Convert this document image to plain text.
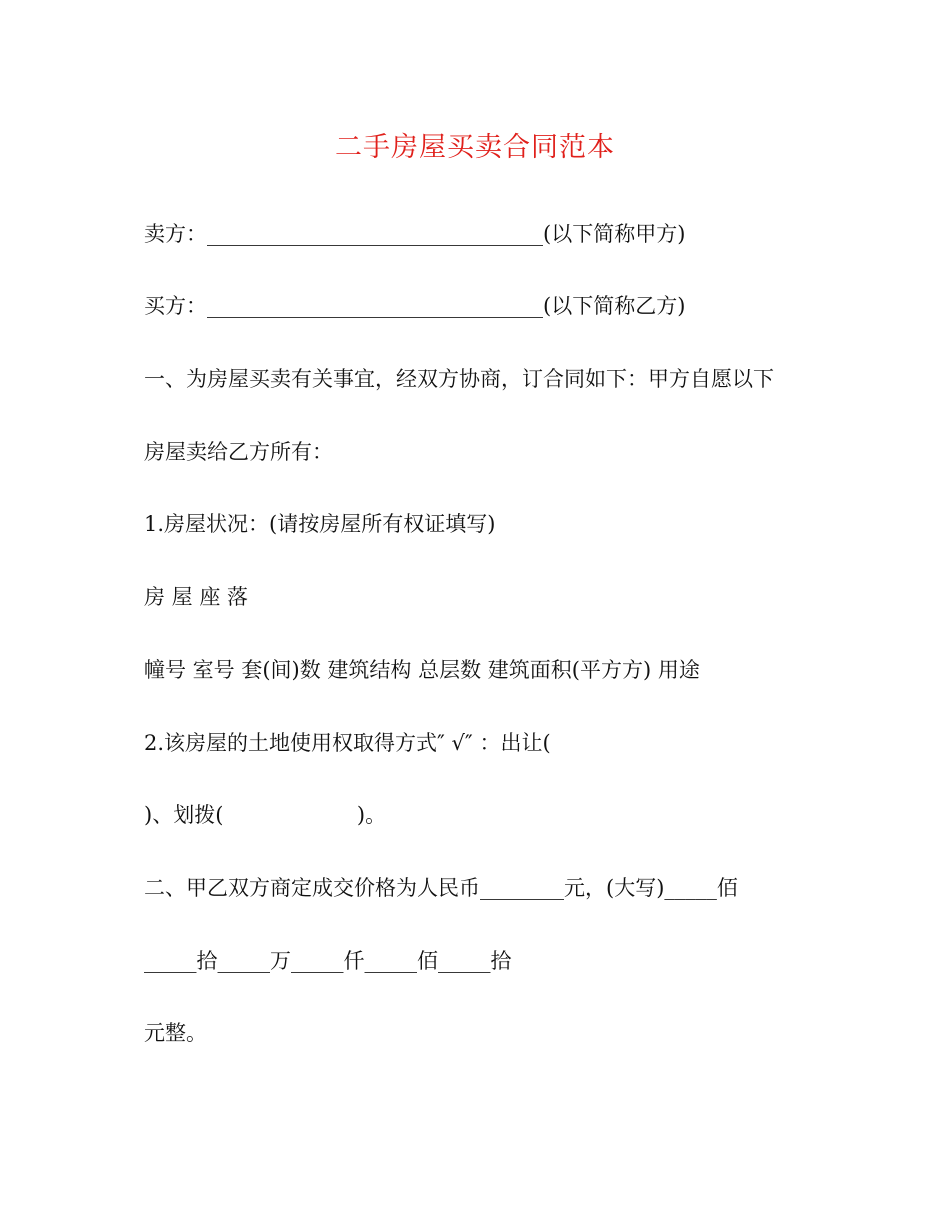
二手房屋买卖合同范本
卖方：________________________________(以下简称甲方)
买方：________________________________(以下简称乙方)
一、为房屋买卖有关事宜，经双方协商，订合同如下：甲方自愿以下
房屋卖给乙方所有：
1.房屋状况：(请按房屋所有权证填写)
房 屋 座 落
幢号 室号 套(间)数 建筑结构 总层数 建筑面积(平方方) 用途
2.该房屋的土地使用权取得方式″ √″ ：出让(
)、划拨(                    )。
二、甲乙双方商定成交价格为人民币________元，(大写)_____佰
_____拾_____万_____仟_____佰_____拾
元整。
